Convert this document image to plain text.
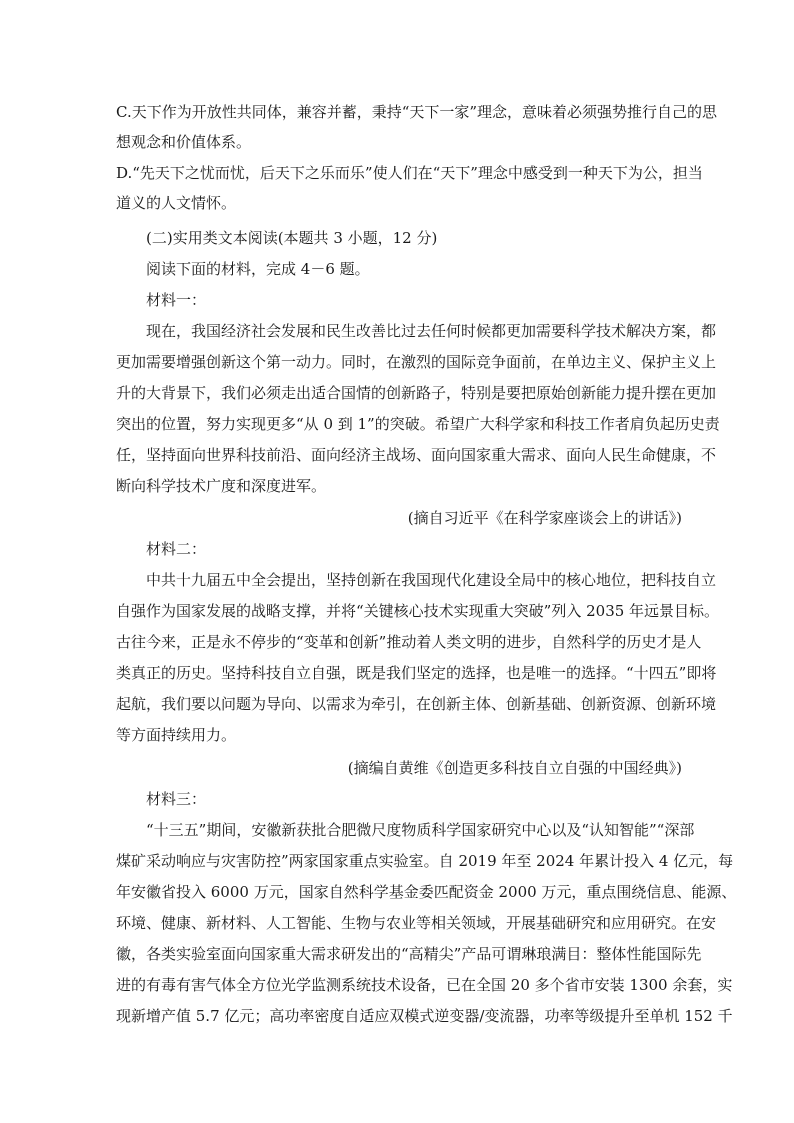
C.天下作为开放性共同体，兼容并蓄，秉持“天下一家”理念，意味着必须强势推行自己的思
想观念和价值体系。
D.“先天下之忧而忧，后天下之乐而乐”使人们在“天下”理念中感受到一种天下为公，担当
道义的人文情怀。
(二)实用类文本阅读(本题共 3 小题，12 分)
阅读下面的材料，完成 4－6 题。
材料一：
现在，我国经济社会发展和民生改善比过去任何时候都更加需要科学技术解决方案，都
更加需要增强创新这个第一动力。同时，在激烈的国际竞争面前，在单边主义、保护主义上
升的大背景下，我们必须走出适合国情的创新路子，特别是要把原始创新能力提升摆在更加
突出的位置，努力实现更多“从 0 到 1”的突破。希望广大科学家和科技工作者肩负起历史责
任，坚持面向世界科技前沿、面向经济主战场、面向国家重大需求、面向人民生命健康，不
断向科学技术广度和深度进军。
(摘自习近平《在科学家座谈会上的讲话》)
材料二：
中共十九届五中全会提出，坚持创新在我国现代化建设全局中的核心地位，把科技自立
自强作为国家发展的战略支撑，并将“关键核心技术实现重大突破”列入 2035 年远景目标。
古往今来，正是永不停步的“变革和创新”推动着人类文明的进步，自然科学的历史才是人
类真正的历史。坚持科技自立自强，既是我们坚定的选择，也是唯一的选择。“十四五”即将
起航，我们要以问题为导向、以需求为牵引，在创新主体、创新基础、创新资源、创新环境
等方面持续用力。
(摘编自黄维《创造更多科技自立自强的中国经典》)
材料三：
“十三五”期间，安徽新获批合肥微尺度物质科学国家研究中心以及“认知智能”“深部
煤矿采动响应与灾害防控”两家国家重点实验室。自 2019 年至 2024 年累计投入 4 亿元，每
年安徽省投入 6000 万元，国家自然科学基金委匹配资金 2000 万元，重点围绕信息、能源、
环境、健康、新材料、人工智能、生物与农业等相关领域，开展基础研究和应用研究。在安
徽，各类实验室面向国家重大需求研发出的“高精尖”产品可谓琳琅满目：整体性能国际先
进的有毒有害气体全方位光学监测系统技术设备，已在全国 20 多个省市安装 1300 余套，实
现新增产值 5.7 亿元；高功率密度自适应双模式逆变器/变流器，功率等级提升至单机 152 千
